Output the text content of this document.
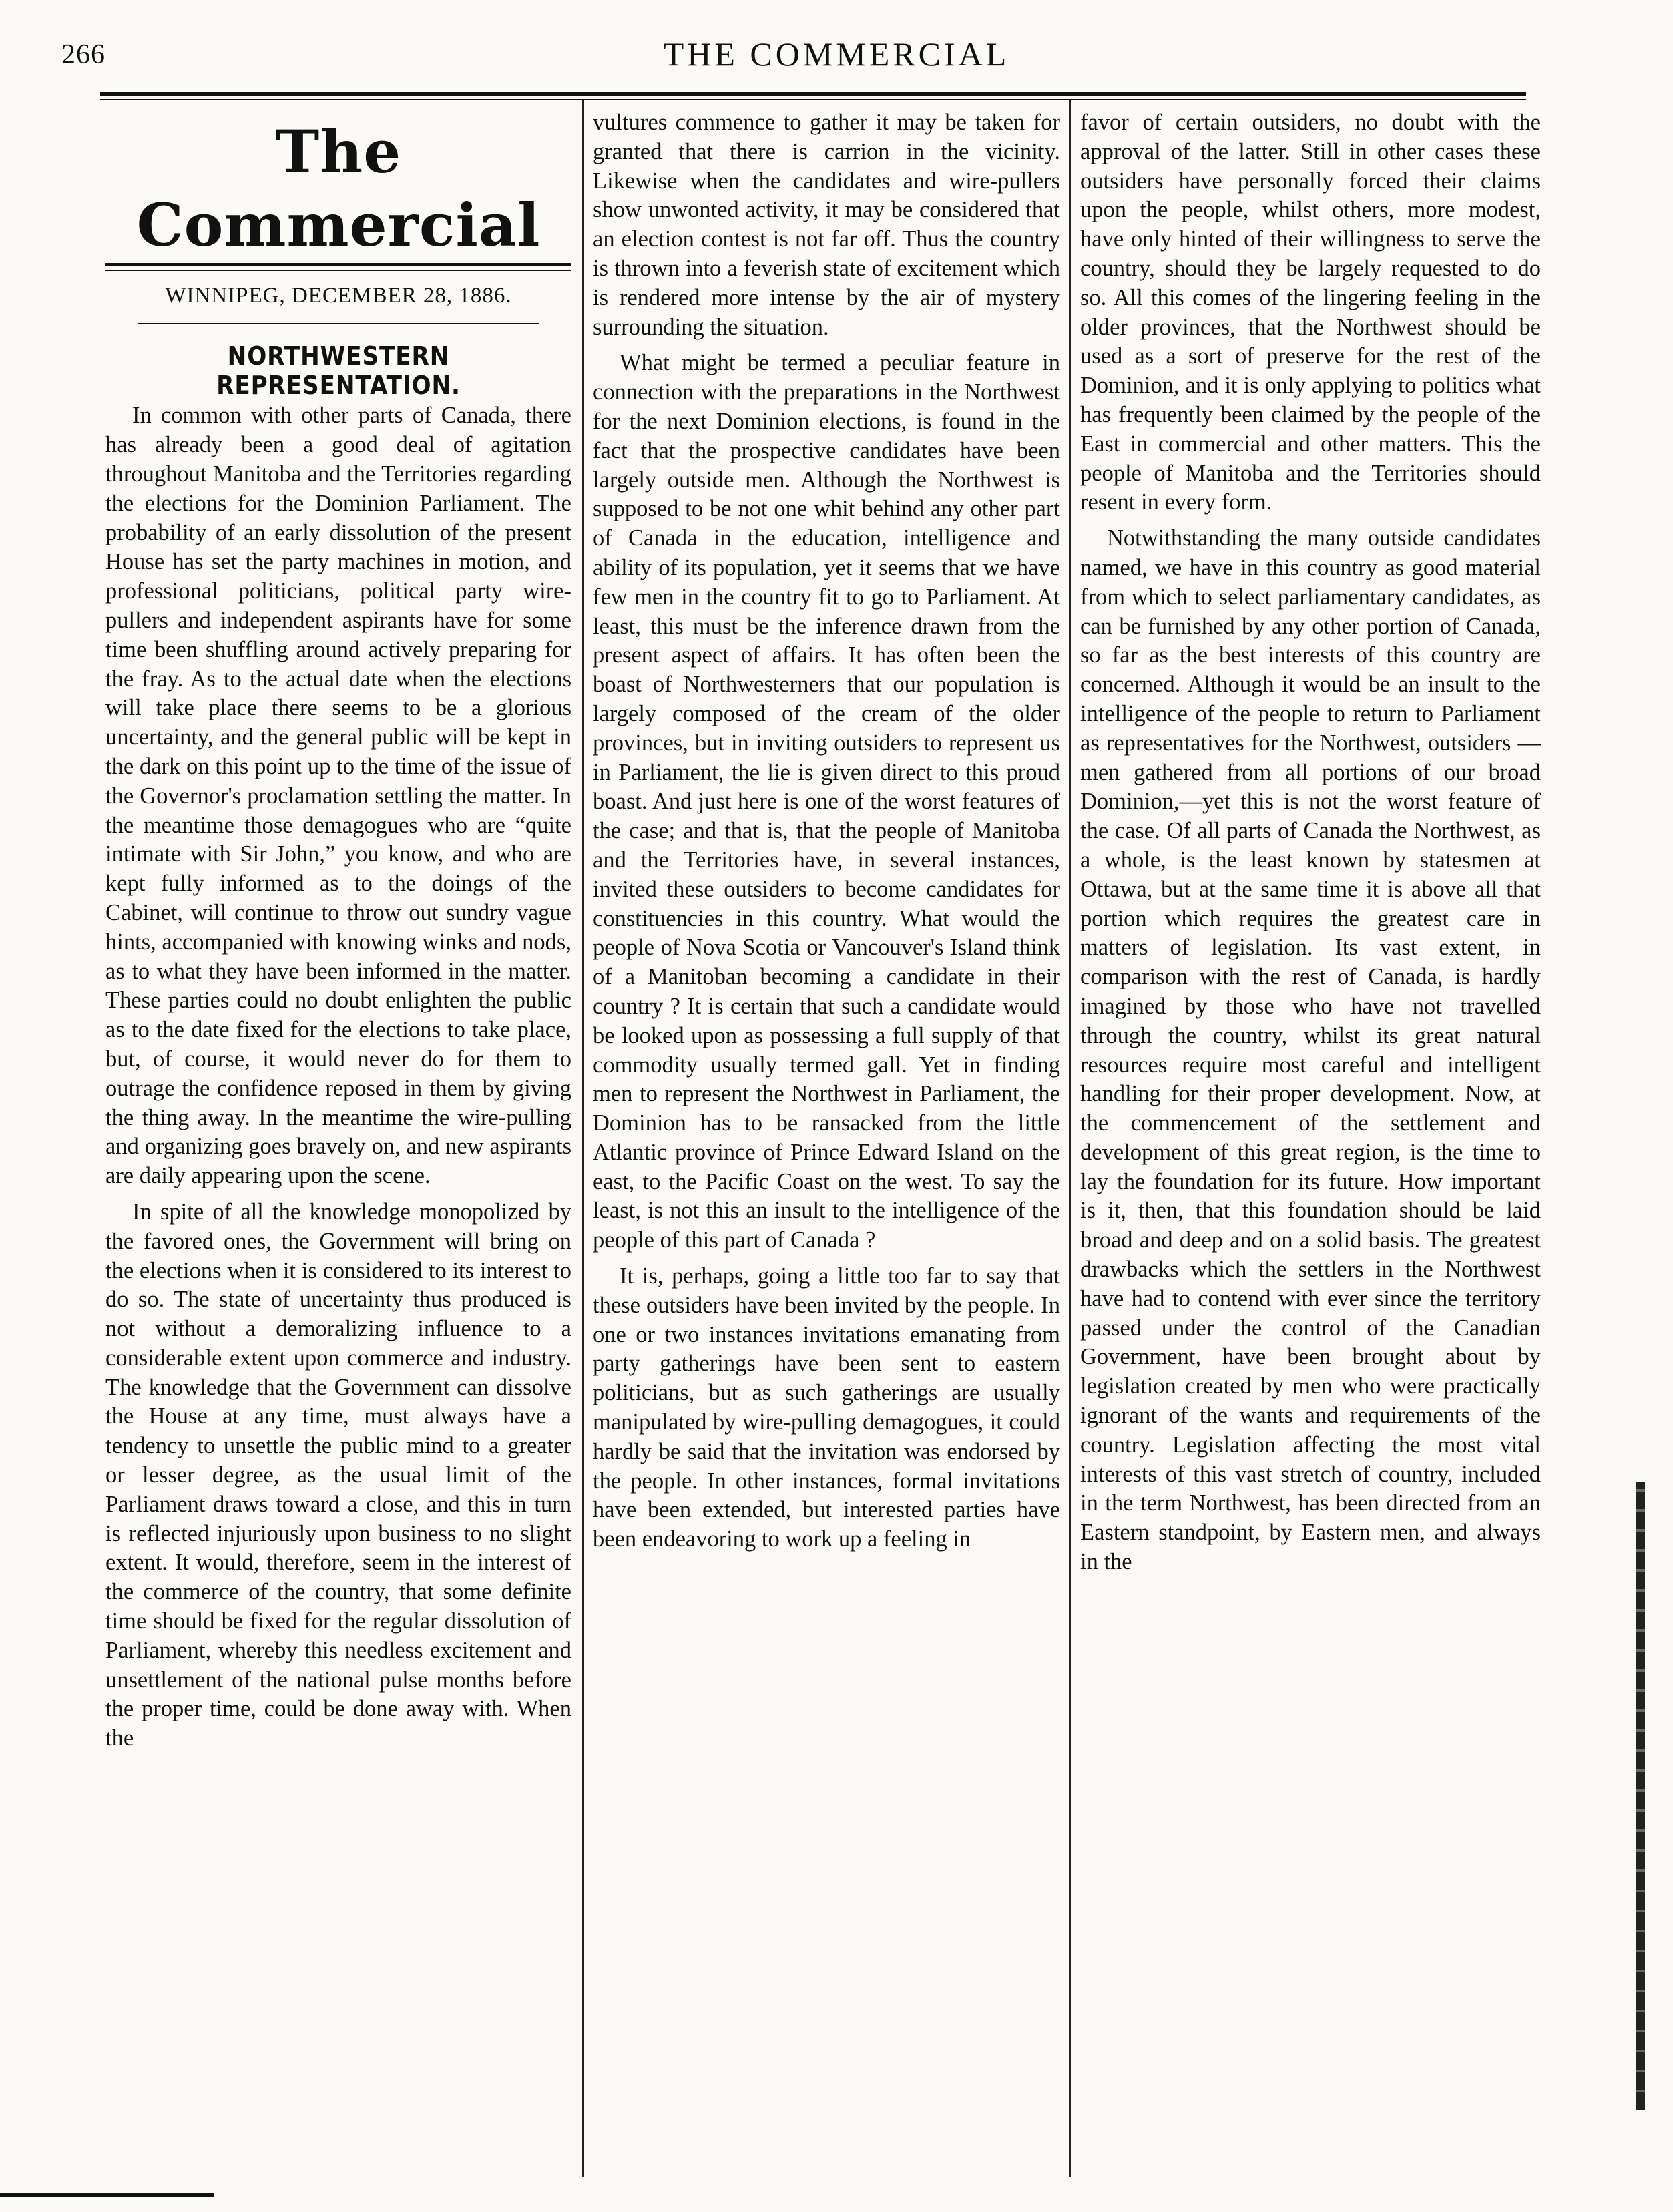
266	THE COMMERCIAL
The Commercial
WINNIPEG, DECEMBER 28, 1886.
NORTHWESTERN REPRESENTATION.

In common with other parts of Canada, there has already been a good deal of agitation throughout Manitoba and the Territories regarding the elections for the Dominion Parliament. The probability of an early dissolution of the present House has set the party machines in motion, and professional politicians, political party wire-pullers and independent aspirants have for some time been shuffling around actively preparing for the fray. As to the actual date when the elections will take place there seems to be a glorious uncertainty, and the general public will be kept in the dark on this point up to the time of the issue of the Governor's proclamation settling the matter. In the meantime those demagogues who are “quite intimate with Sir John,” you know, and who are kept fully informed as to the doings of the Cabinet, will continue to throw out sundry vague hints, accompanied with knowing winks and nods, as to what they have been informed in the matter. These parties could no doubt enlighten the public as to the date fixed for the elections to take place, but, of course, it would never do for them to outrage the confidence reposed in them by giving the thing away. In the meantime the wire-pulling and organizing goes bravely on, and new aspirants are daily appearing upon the scene.

In spite of all the knowledge monopolized by the favored ones, the Government will bring on the elections when it is considered to its interest to do so. The state of uncertainty thus produced is not without a demoralizing influence to a considerable extent upon commerce and industry. The knowledge that the Government can dissolve the House at any time, must always have a tendency to unsettle the public mind to a greater or lesser degree, as the usual limit of the Parliament draws toward a close, and this in turn is reflected injuriously upon business to no slight extent. It would, therefore, seem in the interest of the commerce of the country, that some definite time should be fixed for the regular dissolution of Parliament, whereby this needless excitement and unsettlement of the national pulse months before the proper time, could be done away with. When the

vultures commence to gather it may be taken for granted that there is carrion in the vicinity. Likewise when the candidates and wire-pullers show unwonted activity, it may be considered that an election contest is not far off. Thus the country is thrown into a feverish state of excitement which is rendered more intense by the air of mystery surrounding the situation.

What might be termed a peculiar feature in connection with the preparations in the Northwest for the next Dominion elections, is found in the fact that the prospective candidates have been largely outside men. Although the Northwest is supposed to be not one whit behind any other part of Canada in the education, intelligence and ability of its population, yet it seems that we have few men in the country fit to go to Parliament. At least, this must be the inference drawn from the present aspect of affairs. It has often been the boast of Northwesterners that our population is largely composed of the cream of the older provinces, but in inviting outsiders to represent us in Parliament, the lie is given direct to this proud boast. And just here is one of the worst features of the case; and that is, that the people of Manitoba and the Territories have, in several instances, invited these outsiders to become candidates for constituencies in this country. What would the people of Nova Scotia or Vancouver's Island think of a Manitoban becoming a candidate in their country ? It is certain that such a candidate would be looked upon as possessing a full supply of that commodity usually termed gall. Yet in finding men to represent the Northwest in Parliament, the Dominion has to be ransacked from the little Atlantic province of Prince Edward Island on the east, to the Pacific Coast on the west. To say the least, is not this an insult to the intelligence of the people of this part of Canada ?

It is, perhaps, going a little too far to say that these outsiders have been invited by the people. In one or two instances invitations emanating from party gatherings have been sent to eastern politicians, but as such gatherings are usually manipulated by wire-pulling demagogues, it could hardly be said that the invitation was endorsed by the people. In other instances, formal invitations have been extended, but interested parties have been endeavoring to work up a feeling in

favor of certain outsiders, no doubt with the approval of the latter. Still in other cases these outsiders have personally forced their claims upon the people, whilst others, more modest, have only hinted of their willingness to serve the country, should they be largely requested to do so. All this comes of the lingering feeling in the older provinces, that the Northwest should be used as a sort of preserve for the rest of the Dominion, and it is only applying to politics what has frequently been claimed by the people of the East in commercial and other matters. This the people of Manitoba and the Territories should resent in every form.

Notwithstanding the many outside candidates named, we have in this country as good material from which to select parliamentary candidates, as can be furnished by any other portion of Canada, so far as the best interests of this country are concerned. Although it would be an insult to the intelligence of the people to return to Parliament as representatives for the Northwest, outsiders —men gathered from all portions of our broad Dominion,—yet this is not the worst feature of the case. Of all parts of Canada the Northwest, as a whole, is the least known by statesmen at Ottawa, but at the same time it is above all that portion which requires the greatest care in matters of legislation. Its vast extent, in comparison with the rest of Canada, is hardly imagined by those who have not travelled through the country, whilst its great natural resources require most careful and intelligent handling for their proper development. Now, at the commencement of the settlement and development of this great region, is the time to lay the foundation for its future. How important is it, then, that this foundation should be laid broad and deep and on a solid basis. The greatest drawbacks which the settlers in the Northwest have had to contend with ever since the territory passed under the control of the Canadian Government, have been brought about by legislation created by men who were practically ignorant of the wants and requirements of the country. Legislation affecting the most vital interests of this vast stretch of country, included in the term Northwest, has been directed from an Eastern standpoint, by Eastern men, and always in the
